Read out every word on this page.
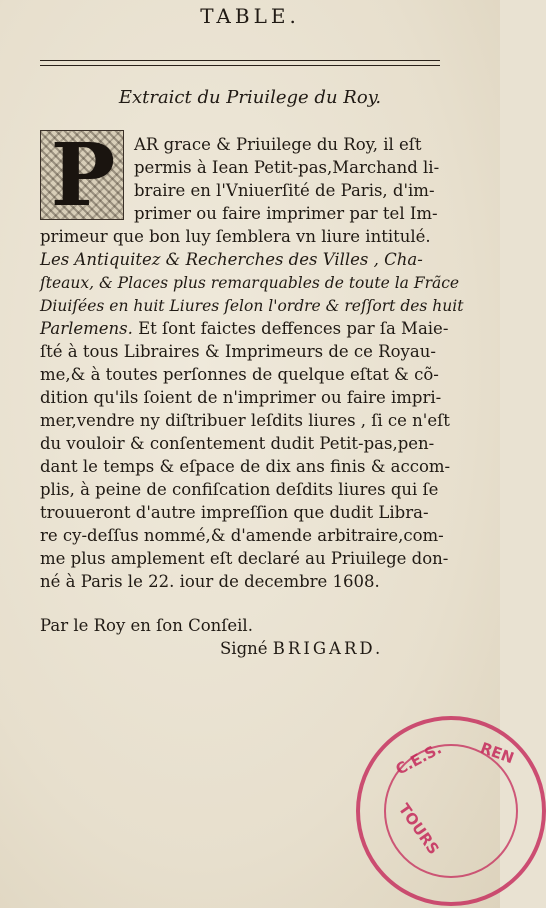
TABLE.
Extraict du Priuilege du Roy.
P	AR grace & Priuilege du Roy, il eſt
permis à Iean Petit-pas,Marchand li-
braire en l'Vniuerſité de Paris, d'im-
primer ou faire imprimer par tel Im-
primeur que bon luy ſemblera vn liure intitulé.
Les Antiquitez & Recherches des Villes , Cha-
ſteaux, & Places plus remarquables de toute la Frãce
Diuiſées en huit Liures ſelon l'ordre & reſſort des huit
Parlemens. Et ſont faictes deffences par ſa Maie-
ſté à tous Libraires & Imprimeurs de ce Royau-
me,& à toutes perſonnes de quelque eſtat & cõ-
dition qu'ils ſoient de n'imprimer ou faire impri-
mer,vendre ny diſtribuer leſdits liures , ſi ce n'eſt
du vouloir & conſentement dudit Petit-pas,pen-
dant le temps & eſpace de dix ans finis & accom-
plis, à peine de confiſcation deſdits liures qui ſe
trouueront d'autre impreſſion que dudit Libra-
re cy-deſſus nommé,& d'amende arbitraire,com-
me plus amplement eſt declaré au Priuilege don-
né à Paris le 22. iour de decembre 1608.
Par le Roy en ſon Conſeil.
Signé BRIGARD.
C.E.S. REN
TOURS
